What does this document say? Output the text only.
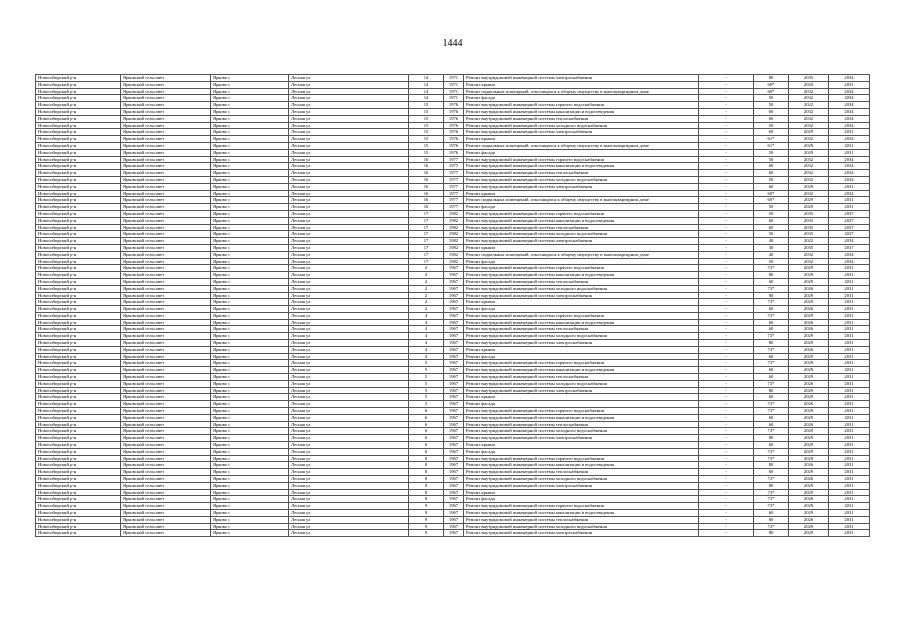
1444
Новосибирский р-н	Ярковский сельсовет	Ярково с	Лесная ул	14	1971	Ремонт внутридомовой инженерной системы электроснабжения	-	80	2035	2034
Новосибирский р-н	Ярковский сельсовет	Ярково с	Лесная ул	14	1971	Ремонт крыши	-	68*	2020	2031
Новосибирский р-н	Ярковский сельсовет	Ярково с	Лесная ул	14	1971	Ремонт подвальных помещений, относящихся к общему имуществу в многоквартирном доме	-	68*	2032	2034
Новосибирский р-н	Ярковский сельсовет	Ярково с	Лесная ул	14	1971	Ремонт фасада	-	50	2032	2034
Новосибирский р-н	Ярковский сельсовет	Ярково с	Лесная ул	15	1976	Ремонт внутридомовой инженерной системы горячего водоснабжения	-	50	2022	2034
Новосибирский р-н	Ярковский сельсовет	Ярково с	Лесная ул	15	1976	Ремонт внутридомовой инженерной системы канализации и водоотведения	-	60	2032	2034
Новосибирский р-н	Ярковский сельсовет	Ярково с	Лесная ул	15	1976	Ремонт внутридомовой инженерной системы теплоснабжения	-	60	2032	2034
Новосибирский р-н	Ярковский сельсовет	Ярково с	Лесная ул	15	1976	Ремонт внутридомовой инженерной системы холодного водоснабжения	-	50	2032	2034
Новосибирский р-н	Ярковский сельсовет	Ярково с	Лесная ул	15	1976	Ремонт внутридомовой инженерной системы электроснабжения	-	60	2029	2031
Новосибирский р-н	Ярковский сельсовет	Ярково с	Лесная ул	15	1976	Ремонт крыши	-	61*	2032	2034
Новосибирский р-н	Ярковский сельсовет	Ярково с	Лесная ул	15	1976	Ремонт подвальных помещений, относящихся к общему имуществу в многоквартирном доме	-	61*	2029	2031
Новосибирский р-н	Ярковский сельсовет	Ярково с	Лесная ул	15	1976	Ремонт фасада	-	50	2029	2031
Новосибирский р-н	Ярковский сельсовет	Ярково с	Лесная ул	16	1977	Ремонт внутридомовой инженерной системы горячего водоснабжения	-	50	2032	2034
Новосибирский р-н	Ярковский сельсовет	Ярково с	Лесная ул	16	1977	Ремонт внутридомовой инженерной системы канализации и водоотведения	-	60	2032	2034
Новосибирский р-н	Ярковский сельсовет	Ярково с	Лесная ул	16	1977	Ремонт внутридомовой инженерной системы теплоснабжения	-	60	2032	2034
Новосибирский р-н	Ярковский сельсовет	Ярково с	Лесная ул	16	1977	Ремонт внутридомовой инженерной системы холодного водоснабжения	-	50	2032	2034
Новосибирский р-н	Ярковский сельсовет	Ярково с	Лесная ул	16	1977	Ремонт внутридомовой инженерной системы электроснабжения	-	60	2029	2031
Новосибирский р-н	Ярковский сельсовет	Ярково с	Лесная ул	16	1977	Ремонт крыши	-	60*	2032	2034
Новосибирский р-н	Ярковский сельсовет	Ярково с	Лесная ул	16	1977	Ремонт подвальных помещений, относящихся к общему имуществу в многоквартирном доме	-	60*	2029	2031
Новосибирский р-н	Ярковский сельсовет	Ярково с	Лесная ул	16	1977	Ремонт фасада	-	50	2029	2031
Новосибирский р-н	Ярковский сельсовет	Ярково с	Лесная ул	17	1982	Ремонт внутридомовой инженерной системы горячего водоснабжения	-	50	2035	2037
Новосибирский р-н	Ярковский сельсовет	Ярково с	Лесная ул	17	1982	Ремонт внутридомовой инженерной системы канализации и водоотведения	-	60	2035	2037
Новосибирский р-н	Ярковский сельсовет	Ярково с	Лесная ул	17	1982	Ремонт внутридомовой инженерной системы теплоснабжения	-	60	2035	2037
Новосибирский р-н	Ярковский сельсовет	Ярково с	Лесная ул	17	1982	Ремонт внутридомовой инженерной системы холодного водоснабжения	-	50	2035	2037
Новосибирский р-н	Ярковский сельсовет	Ярково с	Лесная ул	17	1982	Ремонт внутридомовой инженерной системы электроснабжения	-	40	2022	2034
Новосибирский р-н	Ярковский сельсовет	Ярково с	Лесная ул	17	1982	Ремонт крыши	-	30	2035	2037
Новосибирский р-н	Ярковский сельсовет	Ярково с	Лесная ул	17	1982	Ремонт подвальных помещений, относящихся к общему имуществу в многоквартирном доме	-	40	2032	2034
Новосибирский р-н	Ярковский сельсовет	Ярково с	Лесная ул	17	1982	Ремонт фасада	-	50	2032	2034
Новосибирский р-н	Ярковский сельсовет	Ярково с	Лесная ул	2	1967	Ремонт внутридомовой инженерной системы горячего водоснабжения	-	73*	2029	2031
Новосибирский р-н	Ярковский сельсовет	Ярково с	Лесная ул	2	1967	Ремонт внутридомовой инженерной системы канализации и водоотведения	-	80	2029	2031
Новосибирский р-н	Ярковский сельсовет	Ярково с	Лесная ул	2	1967	Ремонт внутридомовой инженерной системы теплоснабжения	-	60	2029	2031
Новосибирский р-н	Ярковский сельсовет	Ярково с	Лесная ул	2	1967	Ремонт внутридомовой инженерной системы холодного водоснабжения	-	73*	2026	2031
Новосибирский р-н	Ярковский сельсовет	Ярково с	Лесная ул	2	1967	Ремонт внутридомовой инженерной системы электроснабжения	-	80	2029	2031
Новосибирский р-н	Ярковский сельсовет	Ярково с	Лесная ул	2	1967	Ремонт крыши	-	73*	2029	2031
Новосибирский р-н	Ярковский сельсовет	Ярково с	Лесная ул	2	1967	Ремонт фасада	-	60	2026	2031
Новосибирский р-н	Ярковский сельсовет	Ярково с	Лесная ул	4	1967	Ремонт внутридомовой инженерной системы горячего водоснабжения	-	73*	2029	2031
Новосибирский р-н	Ярковский сельсовет	Ярково с	Лесная ул	4	1967	Ремонт внутридомовой инженерной системы канализации и водоотведения	-	60	2026	2031
Новосибирский р-н	Ярковский сельсовет	Ярково с	Лесная ул	4	1967	Ремонт внутридомовой инженерной системы теплоснабжения	-	60	2026	2031
Новосибирский р-н	Ярковский сельсовет	Ярково с	Лесная ул	4	1967	Ремонт внутридомовой инженерной системы холодного водоснабжения	-	73*	2029	2031
Новосибирский р-н	Ярковский сельсовет	Ярково с	Лесная ул	4	1967	Ремонт внутридомовой инженерной системы электроснабжения	-	80	2029	2031
Новосибирский р-н	Ярковский сельсовет	Ярково с	Лесная ул	4	1967	Ремонт крыши	-	73*	2026	2031
Новосибирский р-н	Ярковский сельсовет	Ярково с	Лесная ул	4	1967	Ремонт фасада	-	60	2029	2031
Новосибирский р-н	Ярковский сельсовет	Ярково с	Лесная ул	5	1967	Ремонт внутридомовой инженерной системы горячего водоснабжения	-	73*	2029	2031
Новосибирский р-н	Ярковский сельсовет	Ярково с	Лесная ул	5	1967	Ремонт внутридомовой инженерной системы канализации и водоотведения	-	60	2029	2031
Новосибирский р-н	Ярковский сельсовет	Ярково с	Лесная ул	5	1967	Ремонт внутридомовой инженерной системы теплоснабжения	-	60	2029	2031
Новосибирский р-н	Ярковский сельсовет	Ярково с	Лесная ул	5	1967	Ремонт внутридомовой инженерной системы холодного водоснабжения	-	73*	2026	2031
Новосибирский р-н	Ярковский сельсовет	Ярково с	Лесная ул	5	1967	Ремонт внутридомовой инженерной системы электроснабжения	-	80	2029	2031
Новосибирский р-н	Ярковский сельсовет	Ярково с	Лесная ул	5	1967	Ремонт крыши	-	60	2029	2031
Новосибирский р-н	Ярковский сельсовет	Ярково с	Лесная ул	5	1967	Ремонт фасада	-	73*	2026	2031
Новосибирский р-н	Ярковский сельсовет	Ярково с	Лесная ул	6	1967	Ремонт внутридомовой инженерной системы горячего водоснабжения	-	73*	2029	2031
Новосибирский р-н	Ярковский сельсовет	Ярково с	Лесная ул	6	1967	Ремонт внутридомовой инженерной системы канализации и водоотведения	-	60	2029	2031
Новосибирский р-н	Ярковский сельсовет	Ярково с	Лесная ул	6	1967	Ремонт внутридомовой инженерной системы теплоснабжения	-	60	2026	2031
Новосибирский р-н	Ярковский сельсовет	Ярково с	Лесная ул	6	1967	Ремонт внутридомовой инженерной системы холодного водоснабжения	-	73*	2029	2031
Новосибирский р-н	Ярковский сельсовет	Ярково с	Лесная ул	6	1967	Ремонт внутридомовой инженерной системы электроснабжения	-	80	2029	2031
Новосибирский р-н	Ярковский сельсовет	Ярково с	Лесная ул	6	1967	Ремонт крыши	-	60	2029	2031
Новосибирский р-н	Ярковский сельсовет	Ярково с	Лесная ул	6	1967	Ремонт фасада	-	73*	2029	2031
Новосибирский р-н	Ярковский сельсовет	Ярково с	Лесная ул	8	1967	Ремонт внутридомовой инженерной системы горячего водоснабжения	-	73*	2029	2031
Новосибирский р-н	Ярковский сельсовет	Ярково с	Лесная ул	8	1967	Ремонт внутридомовой инженерной системы канализации и водоотведения	-	80	2026	2031
Новосибирский р-н	Ярковский сельсовет	Ярково с	Лесная ул	8	1967	Ремонт внутридомовой инженерной системы теплоснабжения	-	60	2029	2031
Новосибирский р-н	Ярковский сельсовет	Ярково с	Лесная ул	8	1967	Ремонт внутридомовой инженерной системы холодного водоснабжения	-	73*	2026	2031
Новосибирский р-н	Ярковский сельсовет	Ярково с	Лесная ул	8	1967	Ремонт внутридомовой инженерной системы электроснабжения	-	80	2029	2031
Новосибирский р-н	Ярковский сельсовет	Ярково с	Лесная ул	8	1967	Ремонт крыши	-	73*	2029	2031
Новосибирский р-н	Ярковский сельсовет	Ярково с	Лесная ул	8	1967	Ремонт фасада	-	73*	2026	2031
Новосибирский р-н	Ярковский сельсовет	Ярково с	Лесная ул	9	1967	Ремонт внутридомовой инженерной системы горячего водоснабжения	-	73*	2029	2031
Новосибирский р-н	Ярковский сельсовет	Ярково с	Лесная ул	9	1967	Ремонт внутридомовой инженерной системы канализации и водоотведения	-	60	2029	2031
Новосибирский р-н	Ярковский сельсовет	Ярково с	Лесная ул	9	1967	Ремонт внутридомовой инженерной системы теплоснабжения	-	60	2026	2031
Новосибирский р-н	Ярковский сельсовет	Ярково с	Лесная ул	9	1967	Ремонт внутридомовой инженерной системы холодного водоснабжения	-	73*	2029	2031
Новосибирский р-н	Ярковский сельсовет	Ярково с	Лесная ул	9	1967	Ремонт внутридомовой инженерной системы электроснабжения	-	80	2029	2031
